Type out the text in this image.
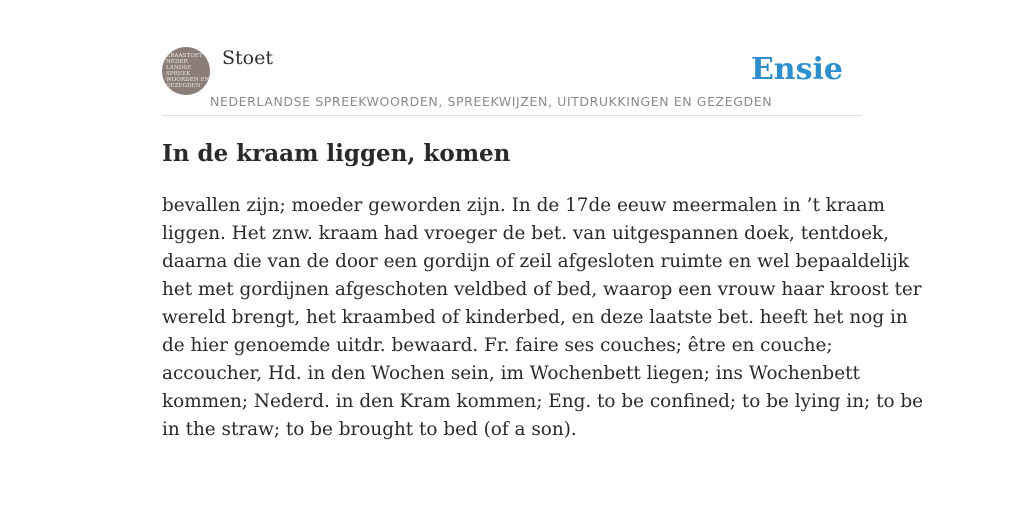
KRAASTOET
NEDER
LANDSE
SPREEK
WOORDEN EN
GEZEGDEN
Stoet
NEDERLANDSE SPREEKWOORDEN, SPREEKWIJZEN, UITDRUKKINGEN EN GEZEGDEN
Ensie
In de kraam liggen, komen
bevallen zijn; moeder geworden zijn. In de 17de eeuw meermalen in ’t kraam
liggen. Het znw. kraam had vroeger de bet. van uitgespannen doek, tentdoek,
daarna die van de door een gordijn of zeil afgesloten ruimte en wel bepaaldelijk
het met gordijnen afgeschoten veldbed of bed, waarop een vrouw haar kroost ter
wereld brengt, het kraambed of kinderbed, en deze laatste bet. heeft het nog in
de hier genoemde uitdr. bewaard. Fr. faire ses couches; être en couche;
accoucher, Hd. in den Wochen sein, im Wochenbett liegen; ins Wochenbett
kommen; Nederd. in den Kram kommen; Eng. to be confined; to be lying in; to be
in the straw; to be brought to bed (of a son).
